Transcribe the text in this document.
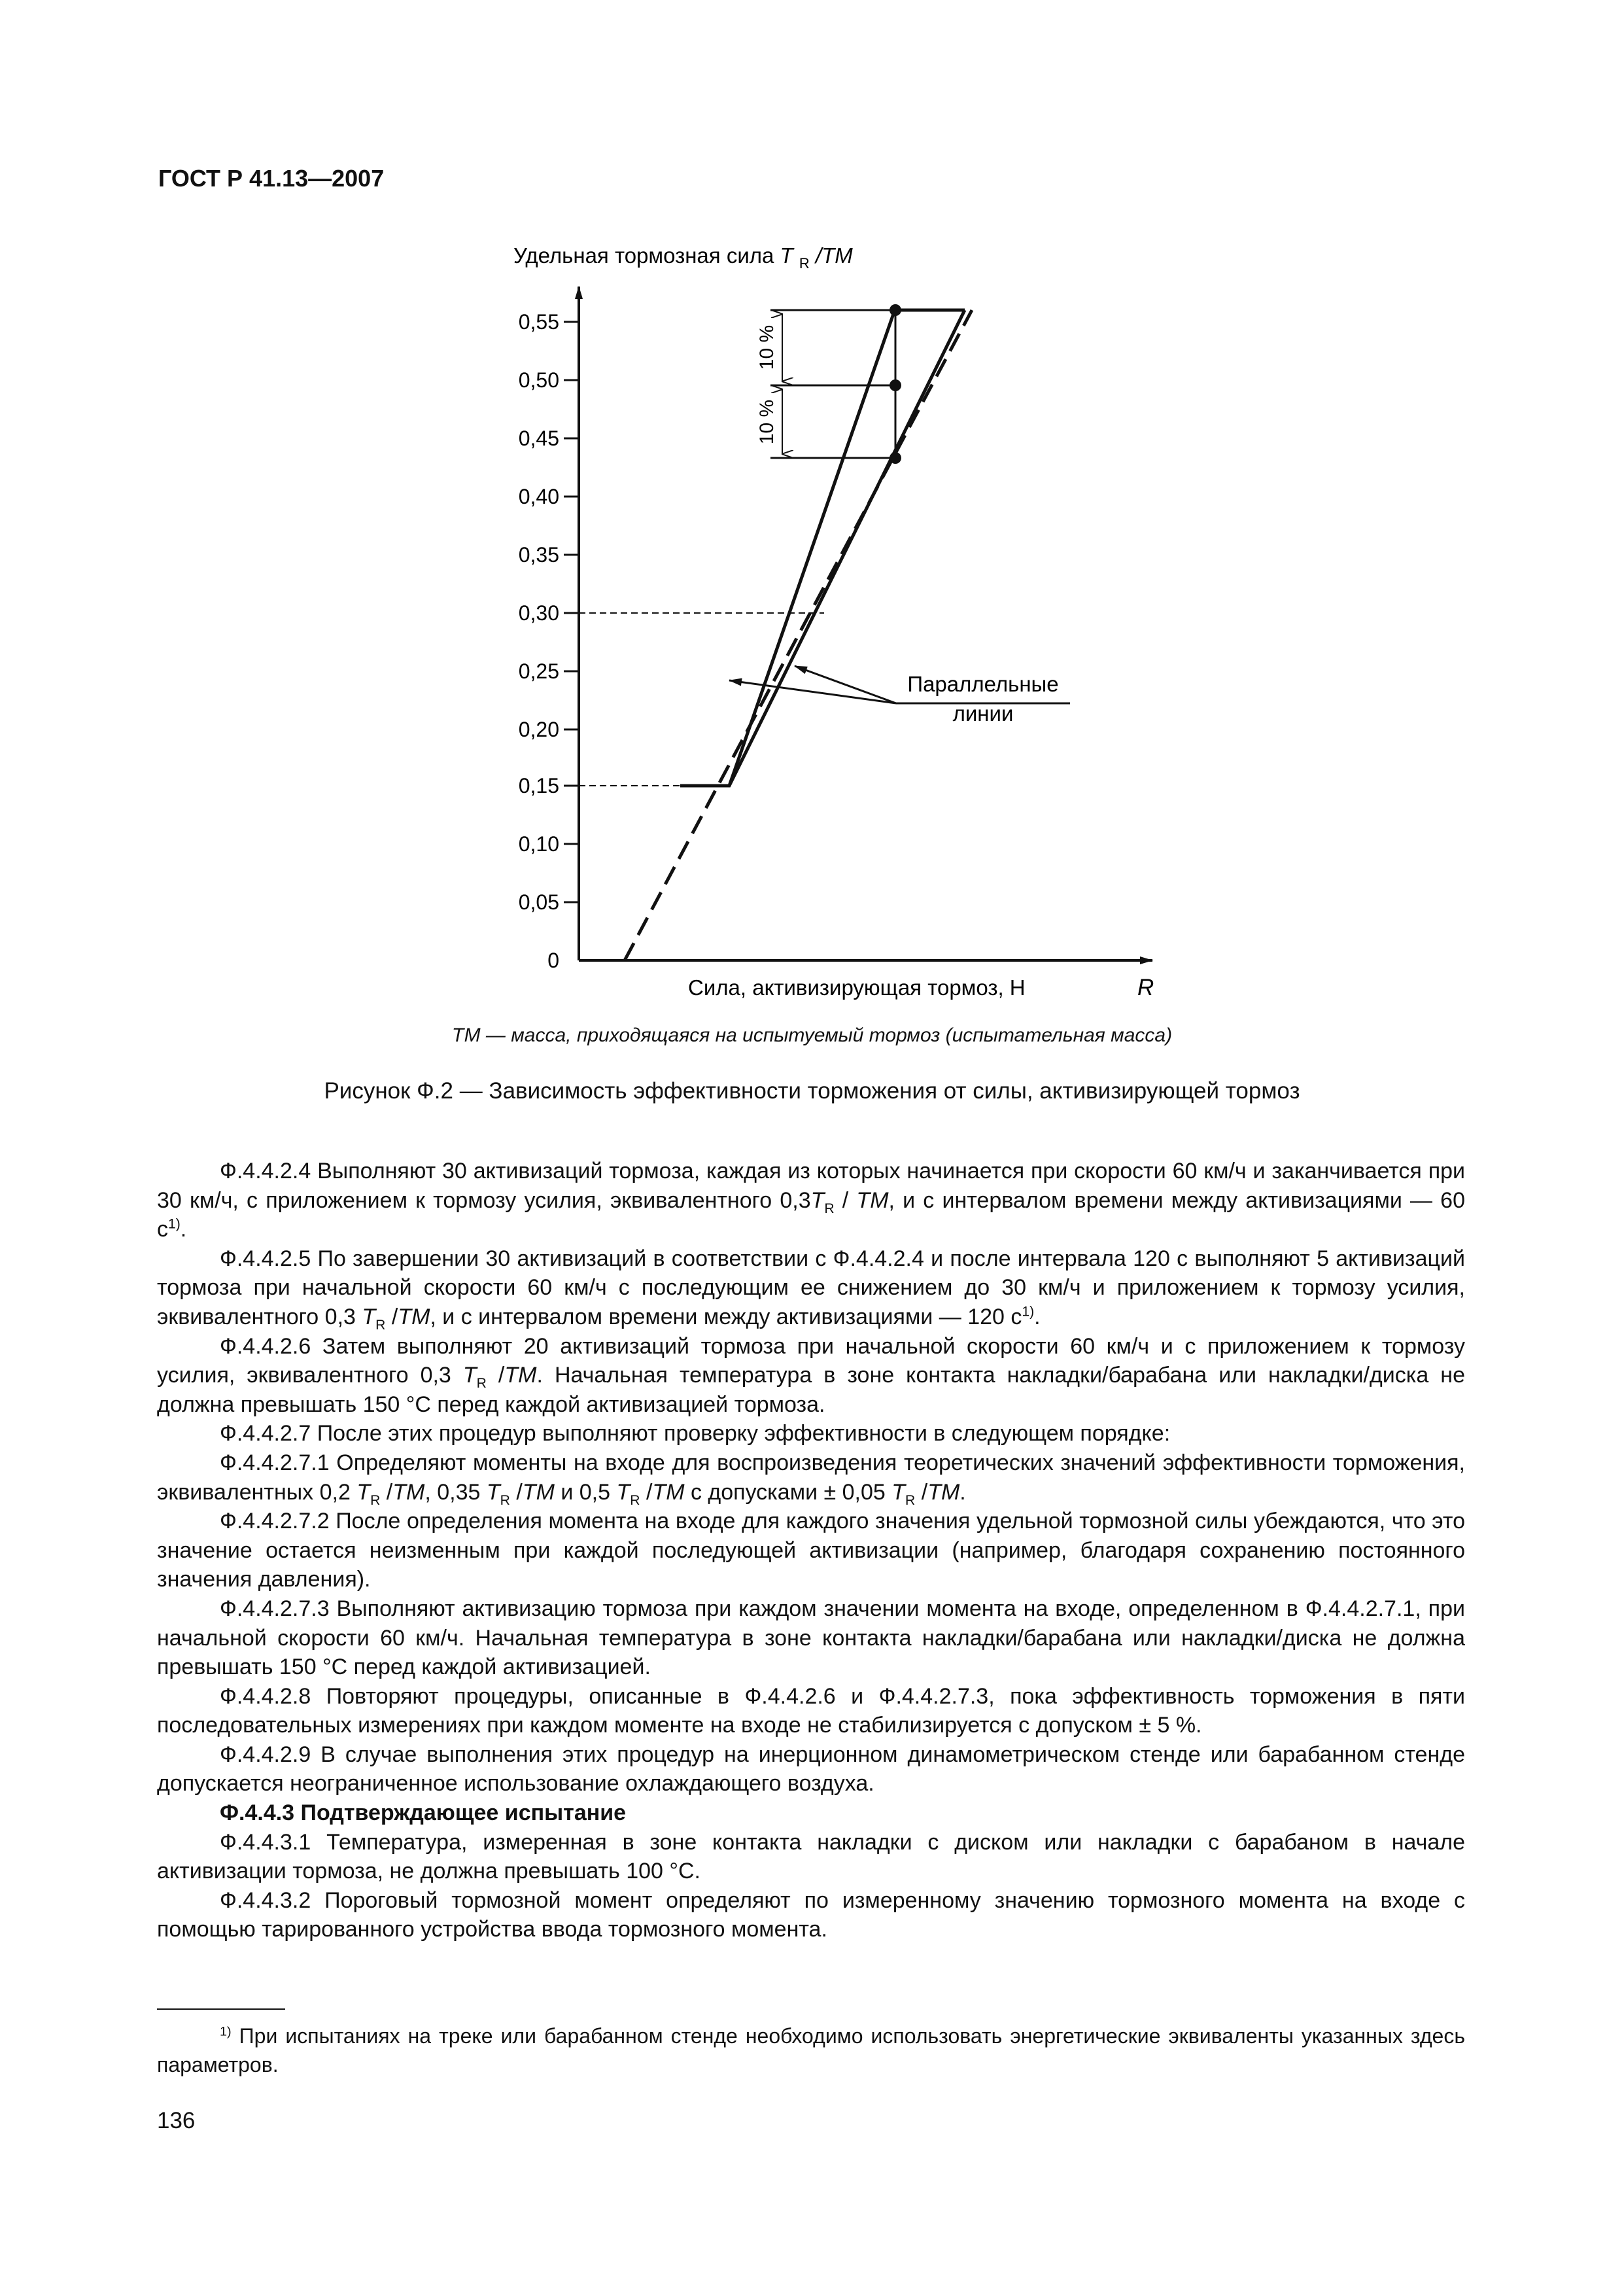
ГОСТ Р 41.13—2007
Удельная тормозная сила T $_R$ /TM
0,55
0,50
0,45
0,40
0,35
0,30
0,25
0,20
0,15
0,10
0,05
0
10 %
10 %
Параллельные
линии
Сила, активизирующая тормоз, Н	R
ТМ — масса, приходящаяся на испытуемый тормоз (испытательная масса)
Рисунок Ф.2 — Зависимость эффективности торможения от силы, активизирующей тормоз

Ф.4.4.2.4 Выполняют 30 активизаций тормоза, каждая из которых начинается при скорости 60 км/ч и заканчивается при 30 км/ч, с приложением к тормозу усилия, эквивалентного $0,3T_R$ / TM, и с интервалом времени между активизациями — 60 $с^{1)}$.

Ф.4.4.2.5 По завершении 30 активизаций в соответствии с Ф.4.4.2.4 и после интервала 120 с выполняют 5 активизаций тормоза при начальной скорости 60 км/ч с последующим ее снижением до 30 км/ч и приложением к тормозу усилия, эквивалентного 0,3 $T_R$ /TM, и с интервалом времени между активизациями — 120 $с^{1)}$.

Ф.4.4.2.6 Затем выполняют 20 активизаций тормоза при начальной скорости 60 км/ч и с приложением к тормозу усилия, эквивалентного 0,3 $T_R$ /TM. Начальная температура в зоне контакта накладки/барабана или накладки/диска не должна превышать 150 °С перед каждой активизацией тормоза.

Ф.4.4.2.7 После этих процедур выполняют проверку эффективности в следующем порядке:

Ф.4.4.2.7.1 Определяют моменты на входе для воспроизведения теоретических значений эффективности торможения, эквивалентных 0,2 $T_R$ /TM, 0,35 $T_R$ /TM и 0,5 $T_R$ /TM с допусками ± 0,05 $T_R$ /TM.

Ф.4.4.2.7.2 После определения момента на входе для каждого значения удельной тормозной силы убеждаются, что это значение остается неизменным при каждой последующей активизации (например, благодаря сохранению постоянного значения давления).

Ф.4.4.2.7.3 Выполняют активизацию тормоза при каждом значении момента на входе, определенном в Ф.4.4.2.7.1, при начальной скорости 60 км/ч. Начальная температура в зоне контакта накладки/барабана или накладки/диска не должна превышать 150 °С перед каждой активизацией.

Ф.4.4.2.8 Повторяют процедуры, описанные в Ф.4.4.2.6 и Ф.4.4.2.7.3, пока эффективность торможения в пяти последовательных измерениях при каждом моменте на входе не стабилизируется с допуском ± 5 %.

Ф.4.4.2.9 В случае выполнения этих процедур на инерционном динамометрическом стенде или барабанном стенде допускается неограниченное использование охлаждающего воздуха.

Ф.4.4.3 Подтверждающее испытание

Ф.4.4.3.1 Температура, измеренная в зоне контакта накладки с диском или накладки с барабаном в начале активизации тормоза, не должна превышать 100 °С.

Ф.4.4.3.2 Пороговый тормозной момент определяют по измеренному значению тормозного момента на входе с помощью тарированного устройства ввода тормозного момента.

$^{1)}$ При испытаниях на треке или барабанном стенде необходимо использовать энергетические эквиваленты указанных здесь параметров.
136
